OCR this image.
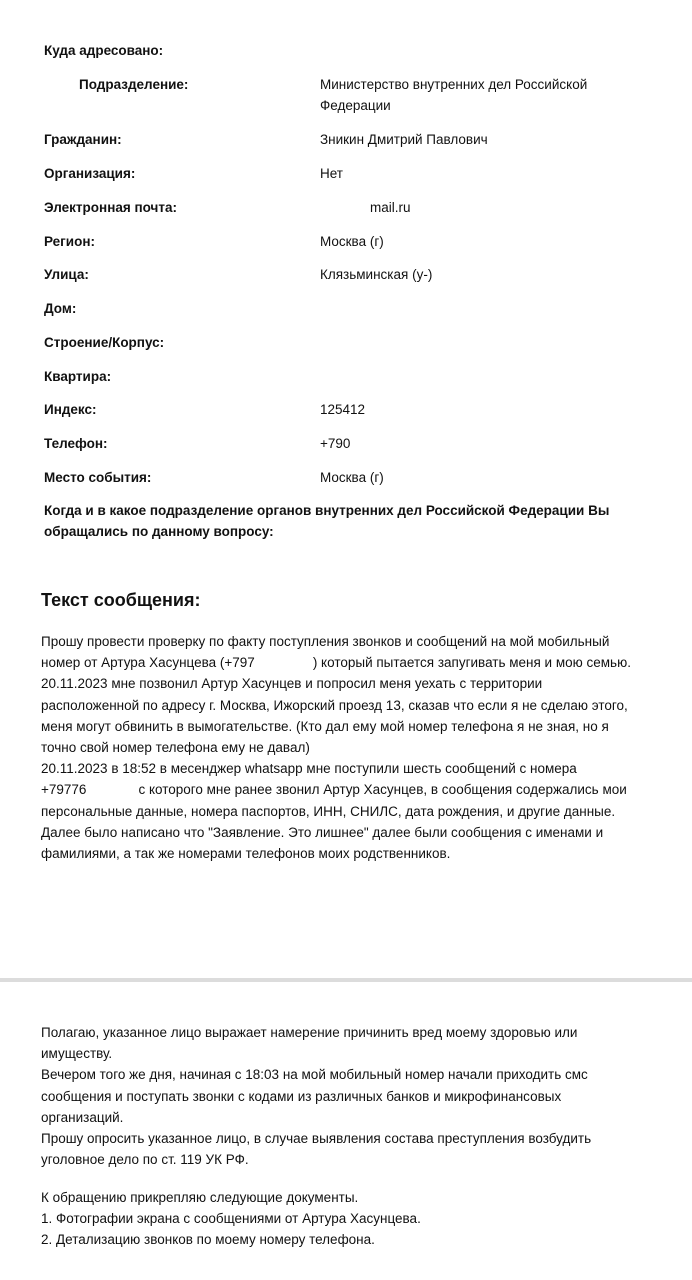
Куда адресовано:
Подразделение:	Министерство внутренних дел Российской
Федерации
Гражданин:	Зникин Дмитрий Павлович
Организация:	Нет
Электронная почта:	mail.ru
Регион:	Москва (г)
Улица:	Клязьминская (у-)
Дом:
Строение/Корпус:
Квартира:
Индекс:	125412
Телефон:	+790
Место события:	Москва (г)
Когда и в какое подразделение органов внутренних дел Российской Федерации Вы
обращались по данному вопросу:
Текст сообщения:

Прошу провести проверку по факту поступления звонков и сообщений на мой мобильный

номер от Артура Хасунцева (+797	) который пытается запугивать меня и мою семью.

20.11.2023 мне позвонил Артур Хасунцев и попросил меня уехать с территории

расположенной по адресу г. Москва, Ижорский проезд 13, сказав что если я не сделаю этого,

меня могут обвинить в вымогательстве. (Кто дал ему мой номер телефона я не зная, но я

точно свой номер телефона ему не давал)

20.11.2023 в 18:52 в месенджер whatsapp мне поступили шесть сообщений с номера

+79776	с которого мне ранее звонил Артур Хасунцев, в сообщения содержались мои

персональные данные, номера паспортов, ИНН, СНИЛС, дата рождения, и другие данные.

Далее было написано что "Заявление. Это лишнее" далее были сообщения с именами и

фамилиями, а так же номерами телефонов моих родственников.

Полагаю, указанное лицо выражает намерение причинить вред моему здоровью или

имуществу.

Вечером того же дня, начиная с 18:03 на мой мобильный номер начали приходить смс

сообщения и поступать звонки с кодами из различных банков и микрофинансовых

организаций.

Прошу опросить указанное лицо, в случае выявления состава преступления возбудить

уголовное дело по ст. 119 УК РФ.

К обращению прикрепляю следующие документы.

1. Фотографии экрана с сообщениями от Артура Хасунцева.

2. Детализацию звонков по моему номеру телефона.
